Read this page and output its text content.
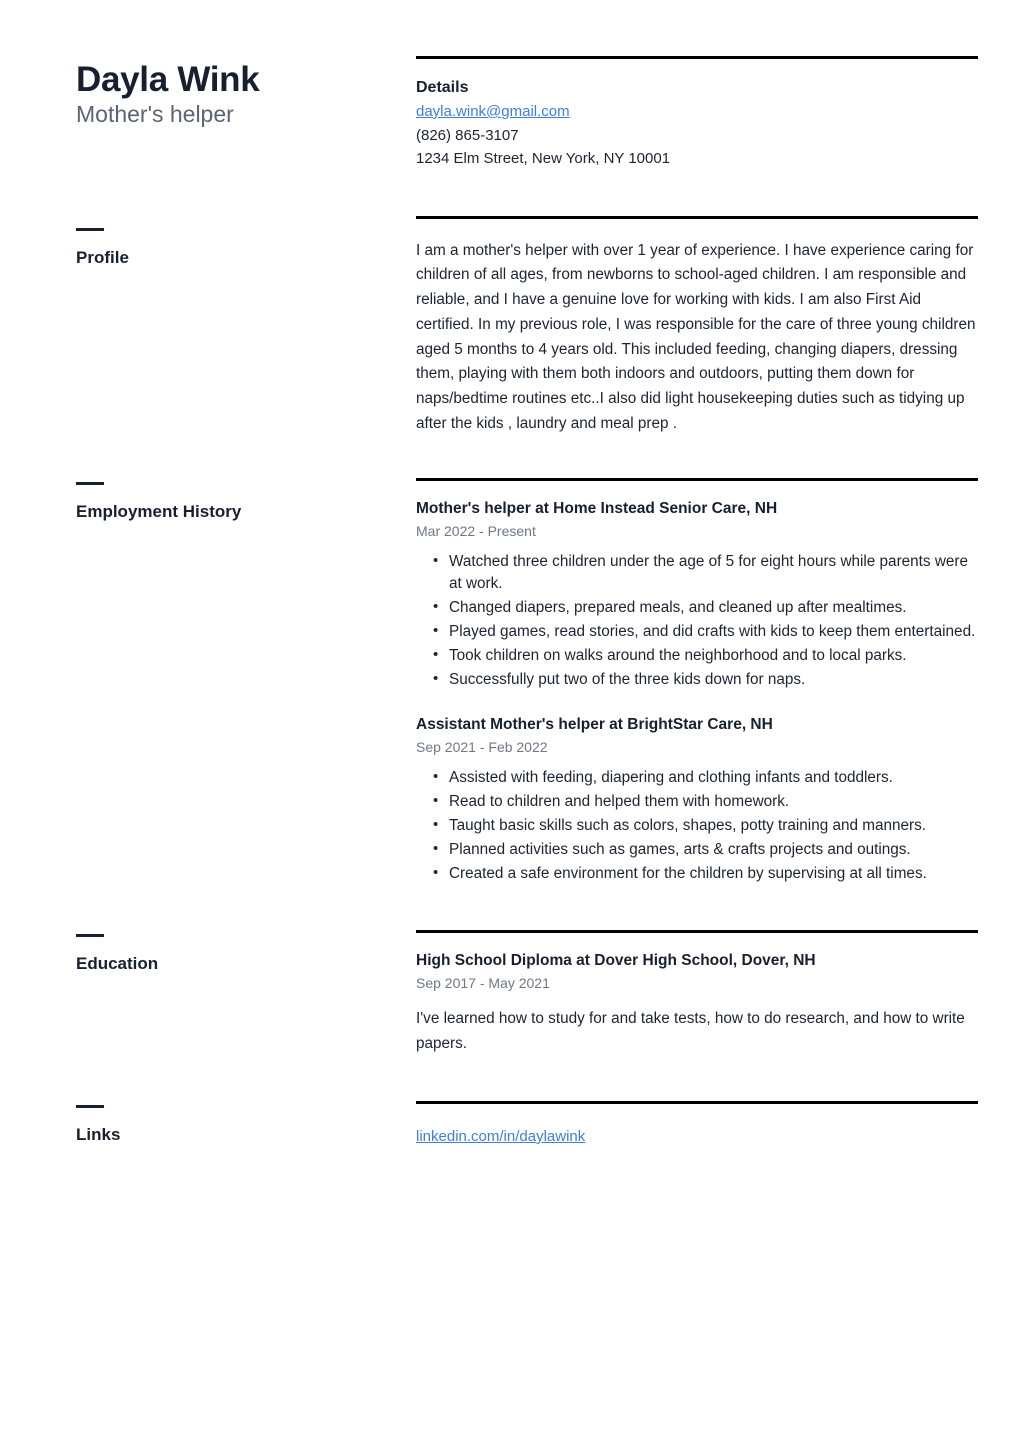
Dayla Wink

Mother's helper

Details
dayla.wink@gmail.com
(826) 865-3107
1234 Elm Street, New York, NY 10001
Profile	I am a mother's helper with over 1 year of experience. I have experience caring for children of all ages, from newborns to school-aged children. I am responsible and reliable, and I have a genuine love for working with kids. I am also First Aid certified. In my previous role, I was responsible for the care of three young children aged 5 months to 4 years old. This included feeding, changing diapers, dressing them, playing with them both indoors and outdoors, putting them down for naps/bedtime routines etc..I also did light housekeeping duties such as tidying up after the kids , laundry and meal prep .

Employment History	Mother's helper at Home Instead Senior Care, NH
Mar 2022 - Present
• Watched three children under the age of 5 for eight hours while parents were at work.
• Changed diapers, prepared meals, and cleaned up after mealtimes.
• Played games, read stories, and did crafts with kids to keep them entertained.
• Took children on walks around the neighborhood and to local parks.
• Successfully put two of the three kids down for naps.
Assistant Mother's helper at BrightStar Care, NH
Sep 2021 - Feb 2022
• Assisted with feeding, diapering and clothing infants and toddlers.
• Read to children and helped them with homework.
• Taught basic skills such as colors, shapes, potty training and manners.
• Planned activities such as games, arts & crafts projects and outings.
• Created a safe environment for the children by supervising at all times.
Education	High School Diploma at Dover High School, Dover, NH
Sep 2017 - May 2021

I've learned how to study for and take tests, how to do research, and how to write papers.

Links	linkedin.com/in/daylawink
